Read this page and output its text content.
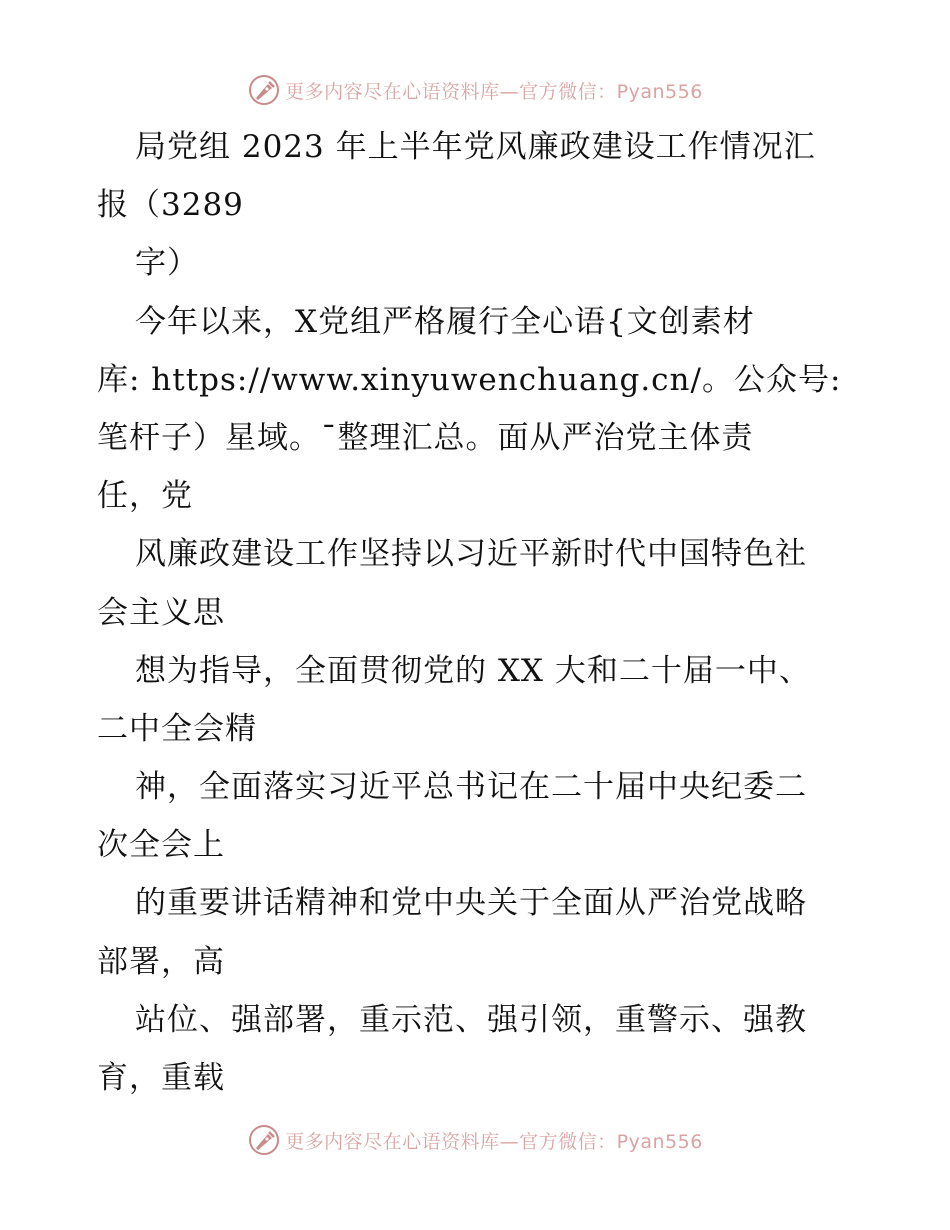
更多内容尽在心语资料库—官方微信：Pyan556
局党组 2023 年上半年党风廉政建设工作情况汇
报（3289
字）
今年以来，X党组严格履行全心语{文创素材
库: https://www.xinyuwenchuang.cn/。公众号:
笔杆子）星域。¯整理汇总。面从严治党主体责
任，党
风廉政建设工作坚持以习近平新时代中国特色社
会主义思
想为指导，全面贯彻党的 XX 大和二十届一中、
二中全会精
神，全面落实习近平总书记在二十届中央纪委二
次全会上
的重要讲话精神和党中央关于全面从严治党战略
部署，高
站位、强部署，重示范、强引领，重警示、强教
育，重载
更多内容尽在心语资料库—官方微信：Pyan556
